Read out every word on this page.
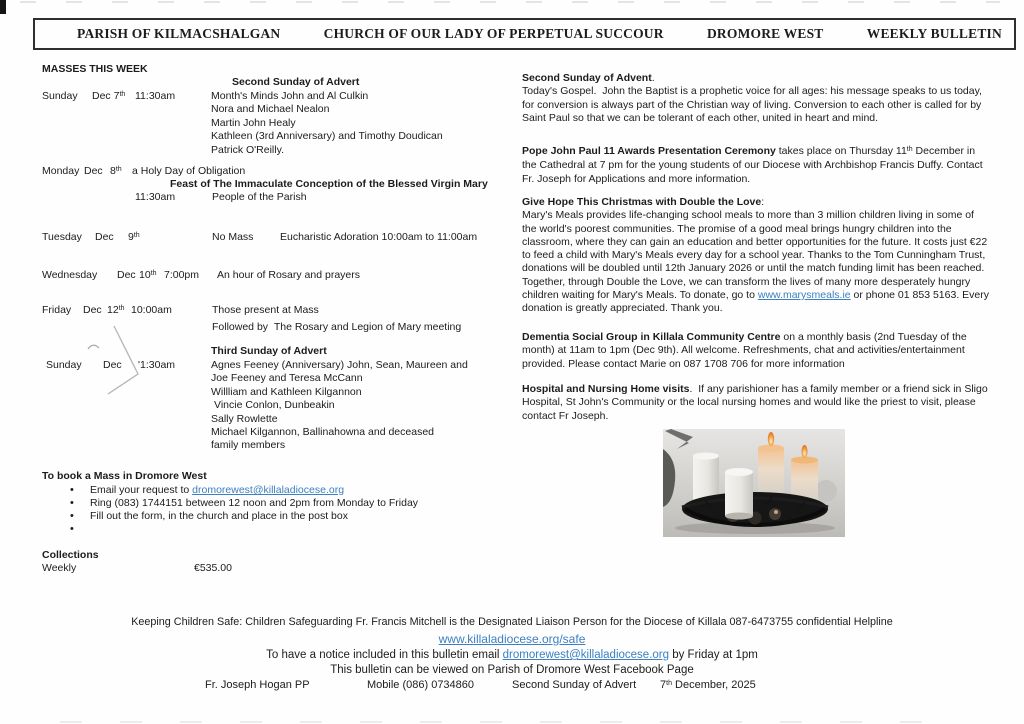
PARISH OF KILMACSHALGAN	CHURCH OF OUR LADY OF PERPETUAL SUCCOUR	DROMORE WEST	WEEKLY BULLETIN
MASSES THIS WEEK
Second Sunday of Advert
Sunday Dec 7th 11:30am	Month's Minds John and Al Culkin
Nora and Michael Nealon
Martin John Healy
Kathleen (3rd Anniversary) and Timothy Doudican
Patrick O'Reilly.
Monday Dec 8th a Holy Day of Obligation
Feast of The Immaculate Conception of the Blessed Virgin Mary
11:30am	People of the Parish
Tuesday Dec 9th	No Mass	Eucharistic Adoration 10:00am to 11:00am
Wednesday Dec 10th 7:00pm An hour of Rosary and prayers
Friday Dec 12th 10:00am	Those present at Mass
Followed by  The Rosary and Legion of Mary meeting
Third Sunday of Advert
Sunday Dec '1:30am	Agnes Feeney (Anniversary) John, Sean, Maureen and
Joe Feeney and Teresa McCann
Willliam and Kathleen Kilgannon
Vincie Conlon, Dunbeakin
Sally Rowlette
Michael Kilgannon, Ballinahowna and deceased
family members
To book a Mass in Dromore West
•
Email your request to dromorewest@killaladiocese.org
•
Ring (083) 1744151 between 12 noon and 2pm from Monday to Friday
•
Fill out the form, in the church and place in the post box
•
Collections
Weekly	€535.00
Second Sunday of Advent.
Today's Gospel.  John the Baptist is a prophetic voice for all ages: his message speaks to us today, for conversion is always part of the Christian way of living. Conversion to each other is called for by Saint Paul so that we can be tolerant of each other, united in heart and mind.
Pope John Paul 11 Awards Presentation Ceremony takes place on Thursday 11th December in the Cathedral at 7 pm for the young students of our Diocese with Archbishop Francis Duffy. Contact Fr. Joseph for Applications and more information.
Give Hope This Christmas with Double the Love:
Mary's Meals provides life-changing school meals to more than 3 million children living in some of the world's poorest communities. The promise of a good meal brings hungry children into the classroom, where they can gain an education and better opportunities for the future. It costs just €22 to feed a child with Mary's Meals every day for a school year. Thanks to the Tom Cunningham Trust, donations will be doubled until 12th January 2026 or until the match funding limit has been reached. Together, through Double the Love, we can transform the lives of many more desperately hungry children waiting for Mary's Meals. To donate, go to www.marysmeals.ie or phone 01 853 5163. Every donation is greatly appreciated. Thank you.
Dementia Social Group in Killala Community Centre on a monthly basis (2nd Tuesday of the month) at 11am to 1pm (Dec 9th). All welcome. Refreshments, chat and activities/entertainment provided. Please contact Marie on 087 1708 706 for more information
Hospital and Nursing Home visits.  If any parishioner has a family member or a friend sick in Sligo Hospital, St John's Community or the local nursing homes and would like the priest to visit, please contact Fr Joseph.
Keeping Children Safe: Children Safeguarding Fr. Francis Mitchell is the Designated Liaison Person for the Diocese of Killala 087-6473755 confidential Helpline
www.killaladiocese.org/safe
To have a notice included in this bulletin email dromorewest@killaladiocese.org by Friday at 1pm
This bulletin can be viewed on Parish of Dromore West Facebook Page
Fr. Joseph Hogan PP	Mobile (086) 0734860	Second Sunday of Advert 7th December, 2025
